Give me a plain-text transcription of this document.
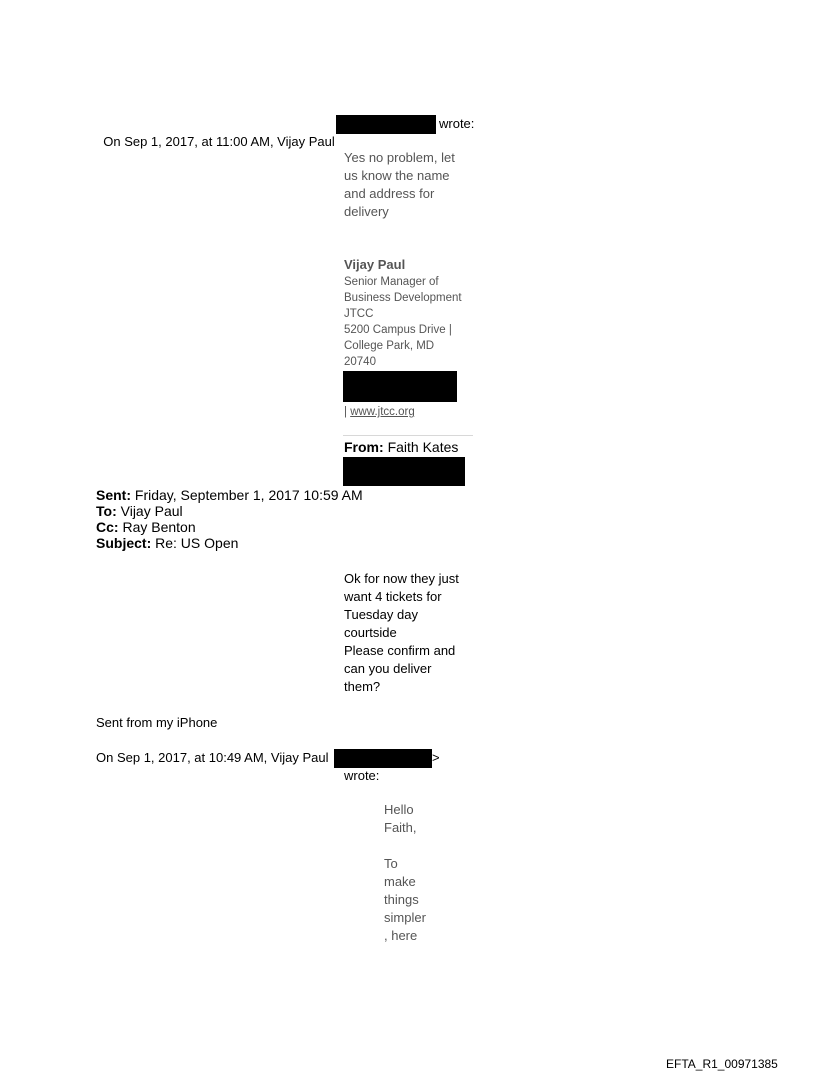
On Sep 1, 2017, at 11:00 AM, Vijay Paul

wrote:
Yes no problem, let
us know the name
and address for
delivery
Vijay Paul
Senior Manager of
Business Development
JTCC
5200 Campus Drive |
College Park, MD
20740
| www.jtcc.org
From: Faith Kates
Sent: Friday, September 1, 2017 10:59 AM
To: Vijay Paul
Cc: Ray Benton
Subject: Re: US Open
Ok for now they just
want 4 tickets for
Tuesday day
courtside
Please confirm and
can you deliver
them?
Sent from my iPhone
On Sep 1, 2017, at 10:49 AM, Vijay Paul	>
wrote:
Hello
Faith,
To
make
things
simpler
, here
EFTA_R1_00971385
